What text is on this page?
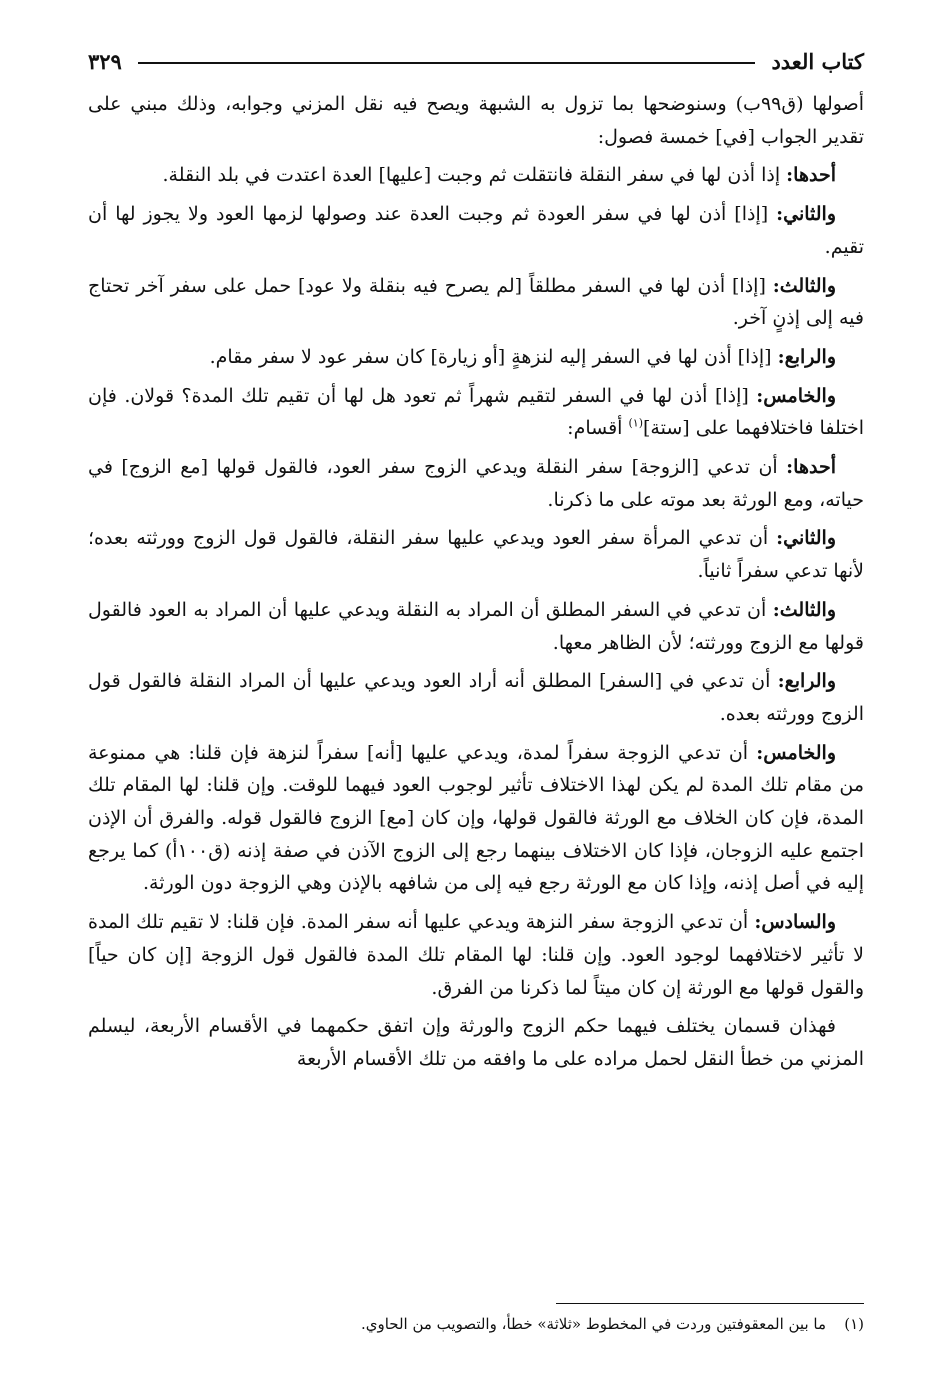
كتاب العدد
٣٢٩

أصولها (ق٩٩ب) وسنوضحها بما تزول به الشبهة ويصح فيه نقل المزني وجوابه، وذلك مبني على تقدير الجواب [في] خمسة فصول:

أحدها: إذا أذن لها في سفر النقلة فانتقلت ثم وجبت [عليها] العدة اعتدت في بلد النقلة.

والثاني: [إذا] أذن لها في سفر العودة ثم وجبت العدة عند وصولها لزمها العود ولا يجوز لها أن تقيم.

والثالث: [إذا] أذن لها في السفر مطلقاً [لم يصرح فيه بنقلة ولا عود] حمل على سفر آخر تحتاج فيه إلى إذنٍ آخر.

والرابع: [إذا] أذن لها في السفر إليه لنزهةٍ [أو زيارة] كان سفر عود لا سفر مقام.

والخامس: [إذا] أذن لها في السفر لتقيم شهراً ثم تعود هل لها أن تقيم تلك المدة؟ قولان. فإن اختلفا فاختلافهما على [ستة]$^{(١)}$ أقسام:

أحدها: أن تدعي [الزوجة] سفر النقلة ويدعي الزوج سفر العود، فالقول قولها [مع الزوج] في حياته، ومع الورثة بعد موته على ما ذكرنا.

والثاني: أن تدعي المرأة سفر العود ويدعي عليها سفر النقلة، فالقول قول الزوج وورثته بعده؛ لأنها تدعي سفراً ثانياً.

والثالث: أن تدعي في السفر المطلق أن المراد به النقلة ويدعي عليها أن المراد به العود فالقول قولها مع الزوج وورثته؛ لأن الظاهر معها.

والرابع: أن تدعي في [السفر] المطلق أنه أراد العود ويدعي عليها أن المراد النقلة فالقول قول الزوج وورثته بعده.

والخامس: أن تدعي الزوجة سفراً لمدة، ويدعي عليها [أنه] سفراً لنزهة فإن قلنا: هي ممنوعة من مقام تلك المدة لم يكن لهذا الاختلاف تأثير لوجوب العود فيهما للوقت. وإن قلنا: لها المقام تلك المدة، فإن كان الخلاف مع الورثة فالقول قولها، وإن كان [مع] الزوج فالقول قوله. والفرق أن الإذن اجتمع عليه الزوجان، فإذا كان الاختلاف بينهما رجع إلى الزوج الآذن في صفة إذنه (ق١٠٠أ) كما يرجع إليه في أصل إذنه، وإذا كان مع الورثة رجع فيه إلى من شافهه بالإذن وهي الزوجة دون الورثة.

والسادس: أن تدعي الزوجة سفر النزهة ويدعي عليها أنه سفر المدة. فإن قلنا: لا تقيم تلك المدة لا تأثير لاختلافهما لوجود العود. وإن قلنا: لها المقام تلك المدة فالقول قول الزوجة [إن كان حياً] والقول قولها مع الورثة إن كان ميتاً لما ذكرنا من الفرق.

فهذان قسمان يختلف فيهما حكم الزوج والورثة وإن اتفق حكمهما في الأقسام الأربعة، ليسلم المزني من خطأ النقل لحمل مراده على ما وافقه من تلك الأقسام الأربعة

(١)ما بين المعقوفتين وردت في المخطوط «ثلاثة» خطأ، والتصويب من الحاوي.
